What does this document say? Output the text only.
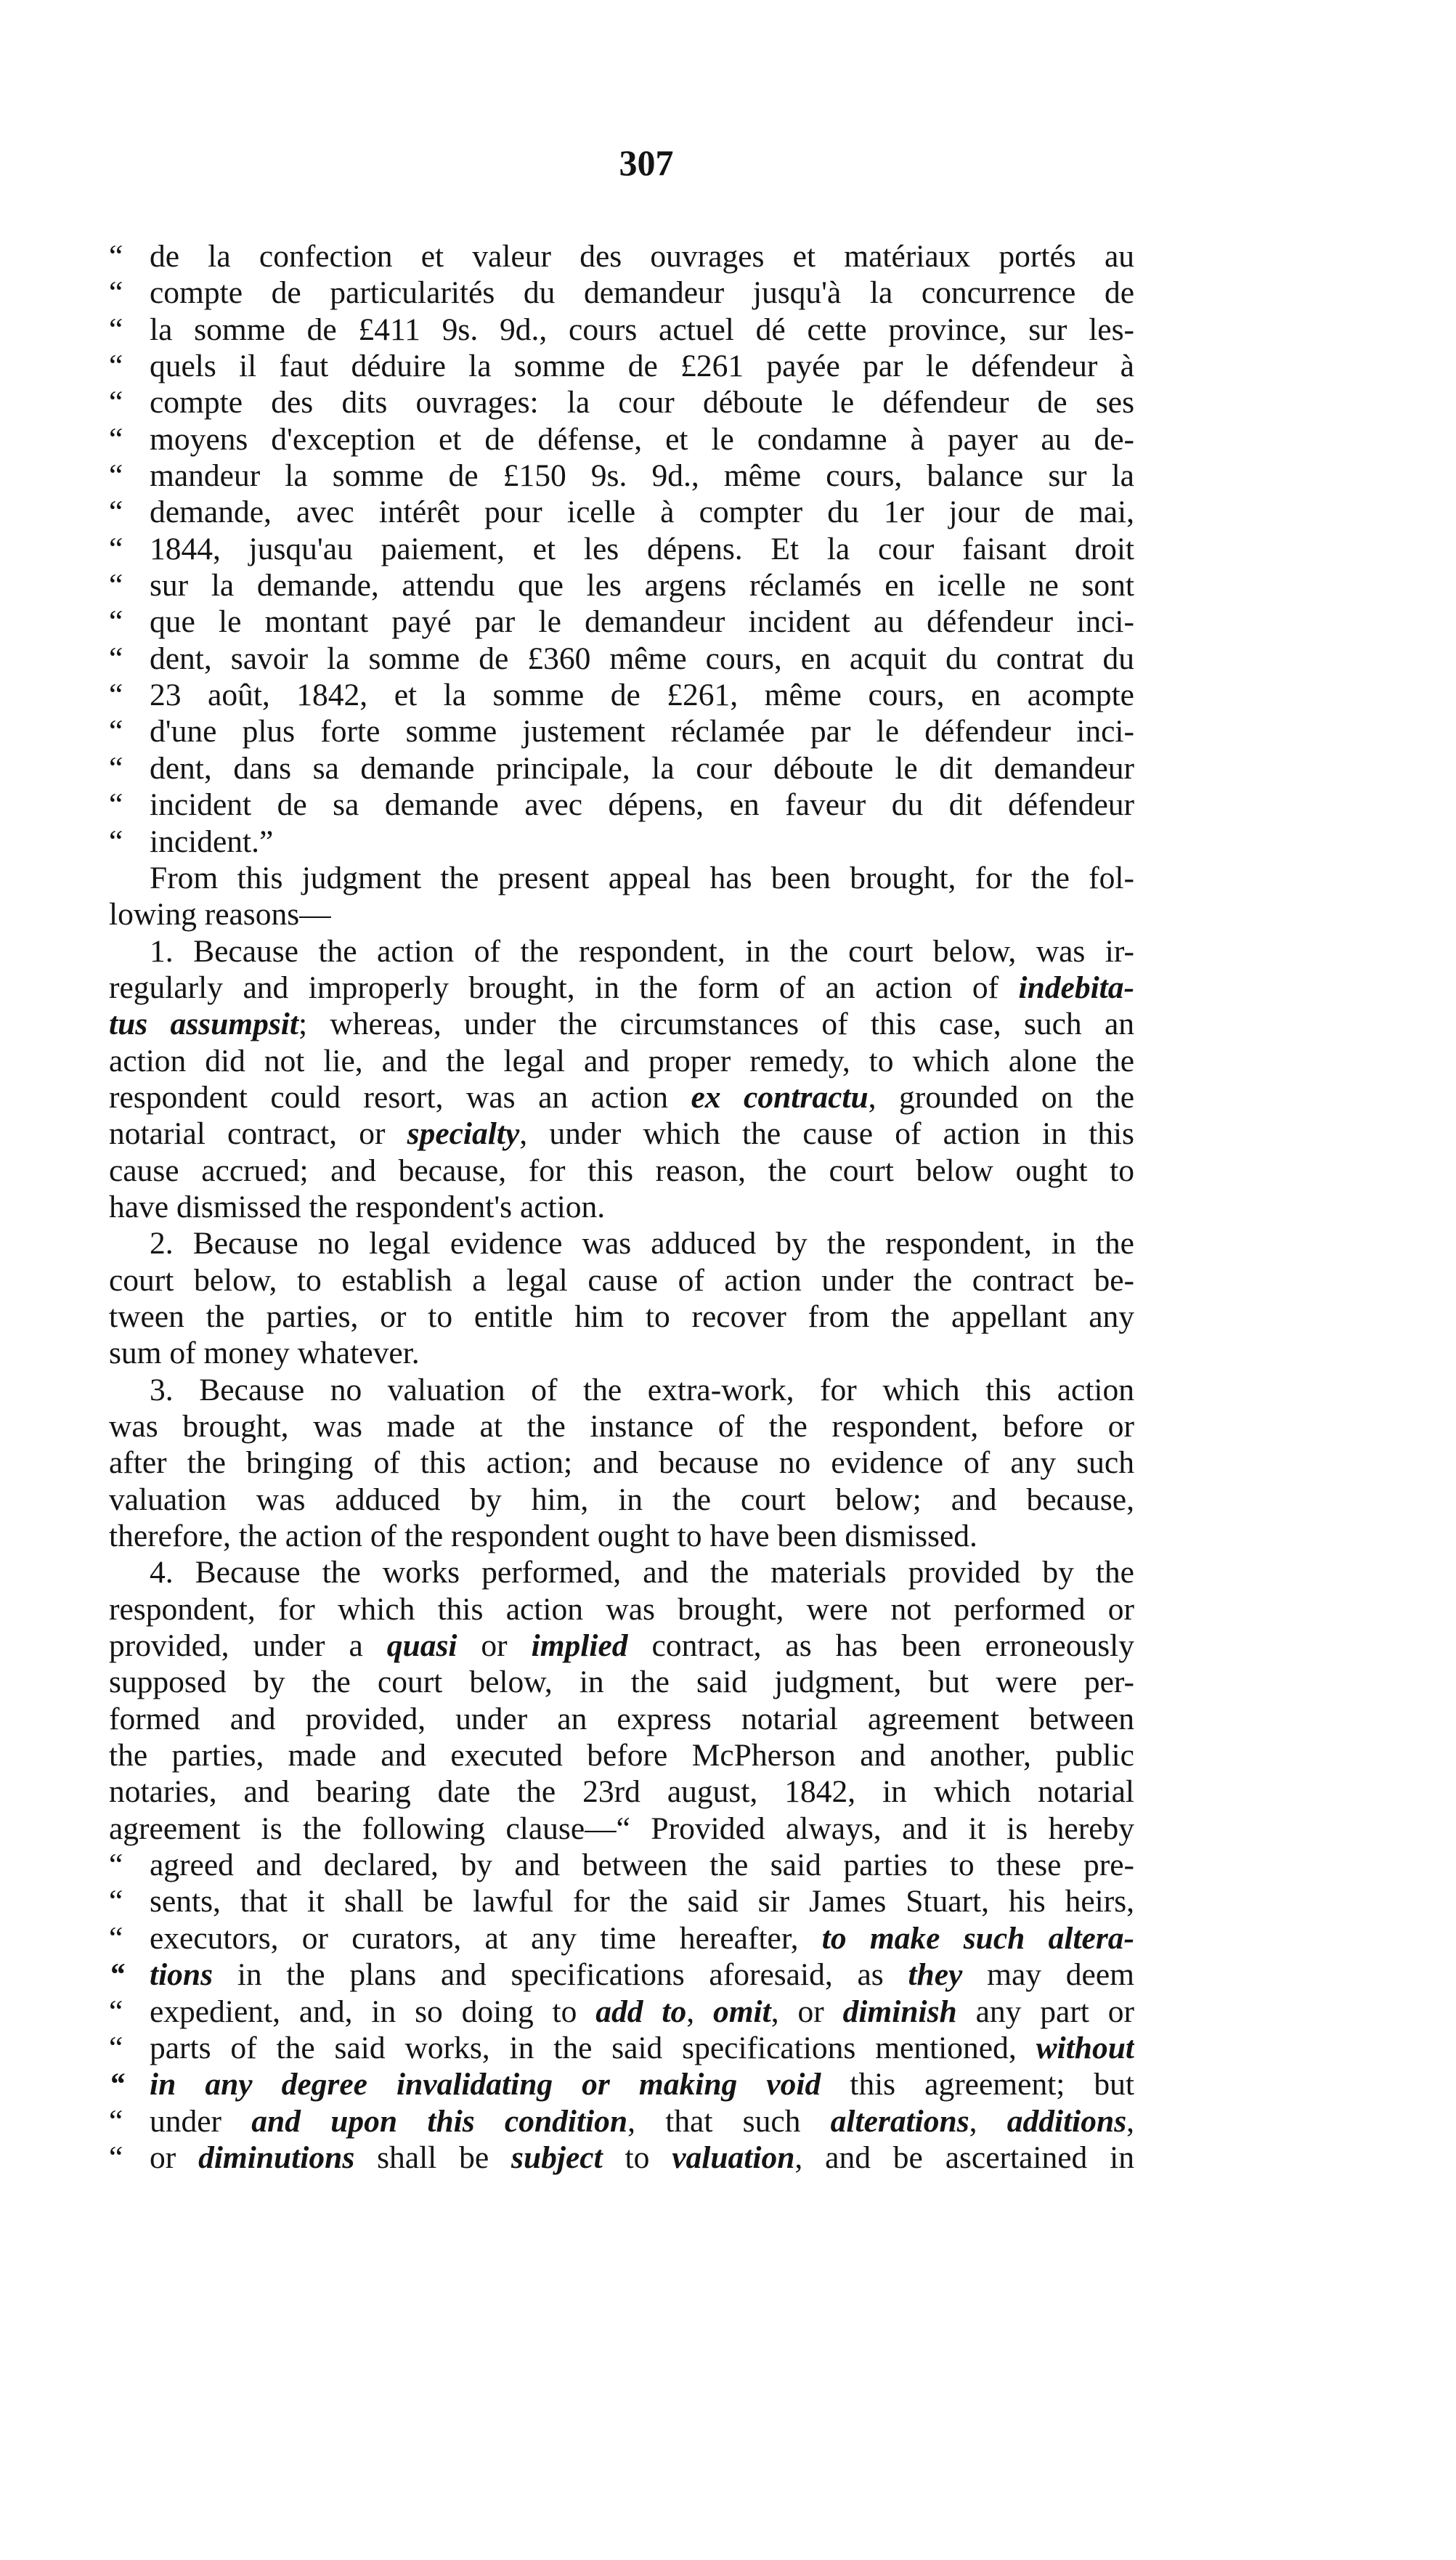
307
“ de la confection et valeur des ouvrages et matériaux portés au
“ compte de particularités du demandeur jusqu'à la concurrence de
“ la somme de £411 9s. 9d., cours actuel dé cette province, sur les-
“ quels il faut déduire la somme de £261 payée par le défendeur à
“ compte des dits ouvrages: la cour déboute le défendeur de ses
“ moyens d'exception et de défense, et le condamne à payer au de-
“ mandeur la somme de £150 9s. 9d., même cours, balance sur la
“ demande, avec intérêt pour icelle à compter du 1er jour de mai,
“ 1844, jusqu'au paiement, et les dépens. Et la cour faisant droit
“ sur la demande, attendu que les argens réclamés en icelle ne sont
“ que le montant payé par le demandeur incident au défendeur inci-
“ dent, savoir la somme de £360 même cours, en acquit du contrat du
“ 23 août, 1842, et la somme de £261, même cours, en acompte
“ d'une plus forte somme justement réclamée par le défendeur inci-
“ dent, dans sa demande principale, la cour déboute le dit demandeur
“ incident de sa demande avec dépens, en faveur du dit défendeur
“ incident.”
From this judgment the present appeal has been brought, for the fol-
lowing reasons—
1. Because the action of the respondent, in the court below, was ir-
regularly and improperly brought, in the form of an action of indebita-
tus assumpsit; whereas, under the circumstances of this case, such an
action did not lie, and the legal and proper remedy, to which alone the
respondent could resort, was an action ex contractu, grounded on the
notarial contract, or specialty, under which the cause of action in this
cause accrued; and because, for this reason, the court below ought to
have dismissed the respondent's action.
2. Because no legal evidence was adduced by the respondent, in the
court below, to establish a legal cause of action under the contract be-
tween the parties, or to entitle him to recover from the appellant any
sum of money whatever.
3. Because no valuation of the extra-work, for which this action
was brought, was made at the instance of the respondent, before or
after the bringing of this action; and because no evidence of any such
valuation was adduced by him, in the court below; and because,
therefore, the action of the respondent ought to have been dismissed.
4. Because the works performed, and the materials provided by the
respondent, for which this action was brought, were not performed or
provided, under a quasi or implied contract, as has been erroneously
supposed by the court below, in the said judgment, but were per-
formed and provided, under an express notarial agreement between
the parties, made and executed before McPherson and another, public
notaries, and bearing date the 23rd august, 1842, in which notarial
agreement is the following clause—“ Provided always, and it is hereby
“ agreed and declared, by and between the said parties to these pre-
“ sents, that it shall be lawful for the said sir James Stuart, his heirs,
“ executors, or curators, at any time hereafter, to make such altera-
“ tions in the plans and specifications aforesaid, as they may deem
“ expedient, and, in so doing to add to, omit, or diminish any part or
“ parts of the said works, in the said specifications mentioned, without
“ in any degree invalidating or making void this agreement; but
“ under and upon this condition, that such alterations, additions,
“ or diminutions shall be subject to valuation, and be ascertained in
